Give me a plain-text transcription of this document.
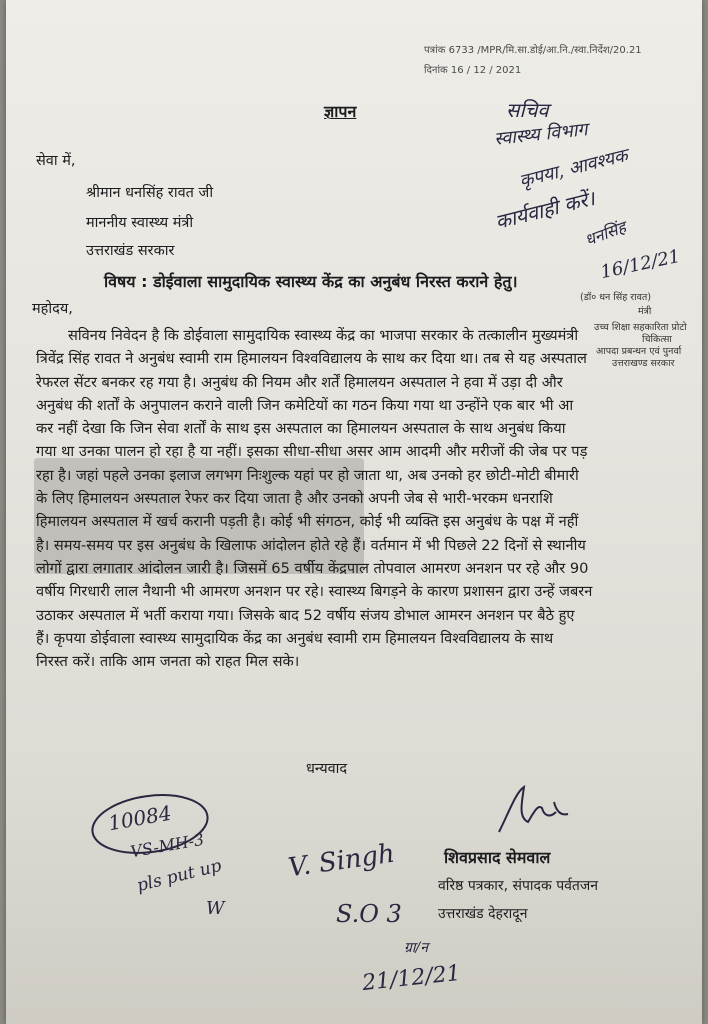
पत्रांक 6733 /MPR/मि.सा.डोई/आ.नि./स्वा.निर्देश/20.21
दिनांक 16 / 12 / 2021
ज्ञापन	सचिव
स्वास्थ्य विभाग
कृपया, आवश्यक
कार्यवाही करें।
धनसिंह
16/12/21
सेवा में,
श्रीमान धनसिंह रावत जी
माननीय स्वास्थ्य मंत्री
उत्तराखंड सरकार
विषय : डोईवाला सामुदायिक स्वास्थ्य केंद्र का अनुबंध निरस्त कराने हेतु।
(डॉ० धन सिंह रावत)
मंत्री
उच्च शिक्षा सहकारिता प्रोटो
चिकित्सा
आपदा प्रबन्धन एवं पुनर्वा
उत्तराखण्ड सरकार
महोदय,
सविनय निवेदन है कि डोईवाला सामुदायिक स्वास्थ्य केंद्र का भाजपा सरकार के तत्कालीन मुख्यमंत्री
त्रिवेंद्र सिंह रावत ने अनुबंध स्वामी राम हिमालयन विश्वविद्यालय के साथ कर दिया था। तब से यह अस्पताल
रेफरल सेंटर बनकर रह गया है। अनुबंध की नियम और शर्तें हिमालयन अस्पताल ने हवा में उड़ा दी और
अनुबंध की शर्तों के अनुपालन कराने वाली जिन कमेटियों का गठन किया गया था उन्होंने एक बार भी आ
कर नहीं देखा कि जिन सेवा शर्तों के साथ इस अस्पताल का हिमालयन अस्पताल के साथ अनुबंध किया
गया था उनका पालन हो रहा है या नहीं। इसका सीधा-सीधा असर आम आदमी और मरीजों की जेब पर पड़
रहा है। जहां पहले उनका इलाज लगभग निःशुल्क यहां पर हो जाता था, अब उनको हर छोटी-मोटी बीमारी
के लिए हिमालयन अस्पताल रेफर कर दिया जाता है और उनको अपनी जेब से भारी-भरकम धनराशि
हिमालयन अस्पताल में खर्च करानी पड़ती है। कोई भी संगठन, कोई भी व्यक्ति इस अनुबंध के पक्ष में नहीं
है। समय-समय पर इस अनुबंध के खिलाफ आंदोलन होते रहे हैं। वर्तमान में भी पिछले 22 दिनों से स्थानीय
लोगों द्वारा लगातार आंदोलन जारी है। जिसमें 65 वर्षीय केंद्रपाल तोपवाल आमरण अनशन पर रहे और 90
वर्षीय गिरधारी लाल नैथानी भी आमरण अनशन पर रहे। स्वास्थ्य बिगड़ने के कारण प्रशासन द्वारा उन्हें जबरन
उठाकर अस्पताल में भर्ती कराया गया। जिसके बाद 52 वर्षीय संजय डोभाल आमरन अनशन पर बैठे हुए
हैं। कृपया डोईवाला स्वास्थ्य सामुदायिक केंद्र का अनुबंध स्वामी राम हिमालयन विश्वविद्यालय के साथ
निरस्त करें। ताकि आम जनता को राहत मिल सके।
धन्यवाद
शिवप्रसाद सेमवाल
वरिष्ठ पत्रकार, संपादक पर्वतजन
उत्तराखंड देहरादून
10084
VS-MH-3
pls put up
W
V. Singh
S.O 3
21/12/21
ग्रा/न
